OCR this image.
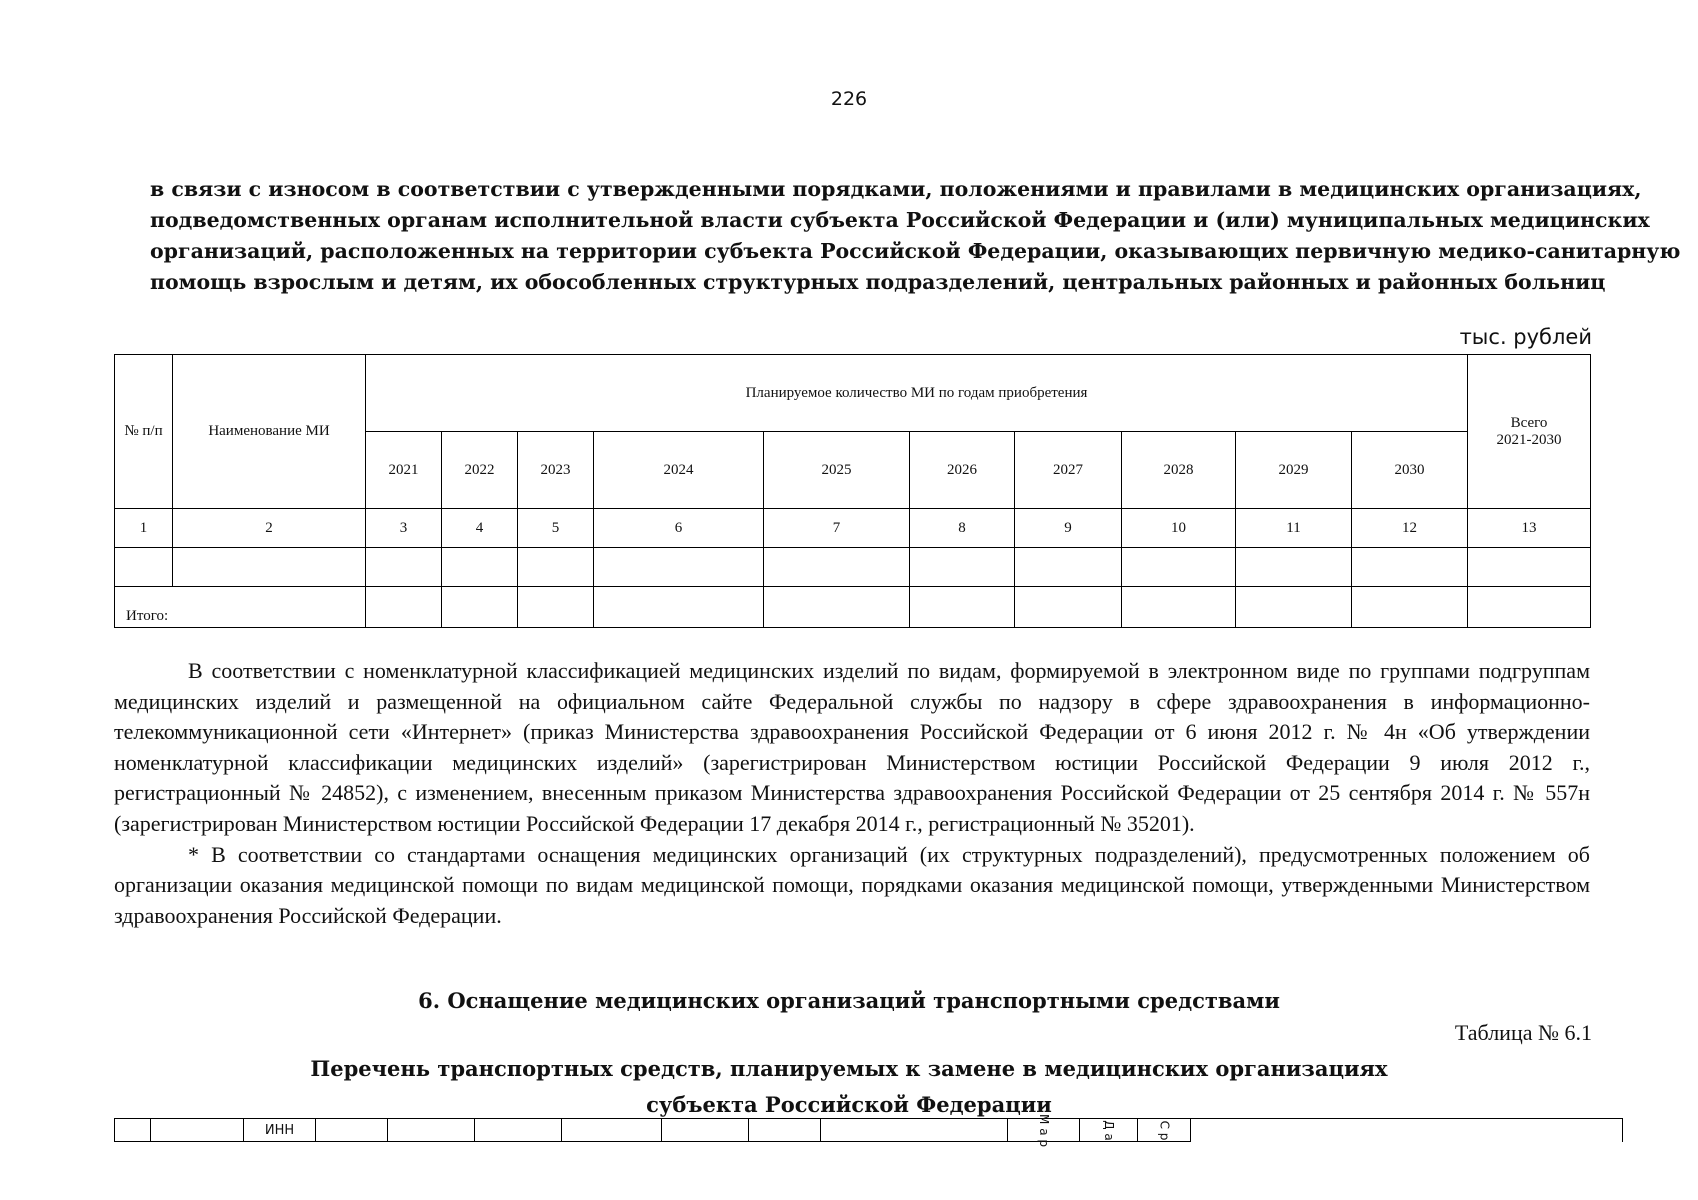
226
в связи с износом в соответствии с утвержденными порядками, положениями и правилами в медицинских организациях,
подведомственных органам исполнительной власти субъекта Российской Федерации и (или) муниципальных медицинских
организаций, расположенных на территории субъекта Российской Федерации, оказывающих первичную медико-санитарную
помощь взрослым и детям, их обособленных структурных подразделений, центральных районных и районных больниц
тыс. рублей
№ п/п	Наименование МИ	Планируемое количество МИ по годам приобретения										Всего
2021-2030
		2021	2022	2023	2024	2025	2026	2027	2028	2029	2030	
1	2	3	4	5	6	7	8	9	10	11	12	13

Итого:												

В соответствии с номенклатурной классификацией медицинских изделий по видам, формируемой в электронном виде по группами подгруппам медицинских изделий и размещенной на официальном сайте Федеральной службы по надзору в сфере здравоохранения в информационно-телекоммуникационной сети «Интернет» (приказ Министерства здравоохранения Российской Федерации от 6 июня 2012 г. № 4н «Об утверждении номенклатурной классификации медицинских изделий» (зарегистрирован Министерством юстиции Российской Федерации 9 июля 2012 г., регистрационный № 24852), с изменением, внесенным приказом Министерства здравоохранения Российской Федерации от 25 сентября 2014 г. № 557н (зарегистрирован Министерством юстиции Российской Федерации 17 декабря 2014 г., регистрационный № 35201).

* В соответствии со стандартами оснащения медицинских организаций (их структурных подразделений), предусмотренных положением об организации оказания медицинской помощи по видам медицинской помощи, порядками оказания медицинской помощи, утвержденными Министерством здравоохранения Российской Федерации.

6. Оснащение медицинских организаций транспортными средствами
Таблица № 6.1
Перечень транспортных средств, планируемых к замене в медицинских организациях
субъекта Российской Федерации
		ИНН								М а р	Д а	С р
